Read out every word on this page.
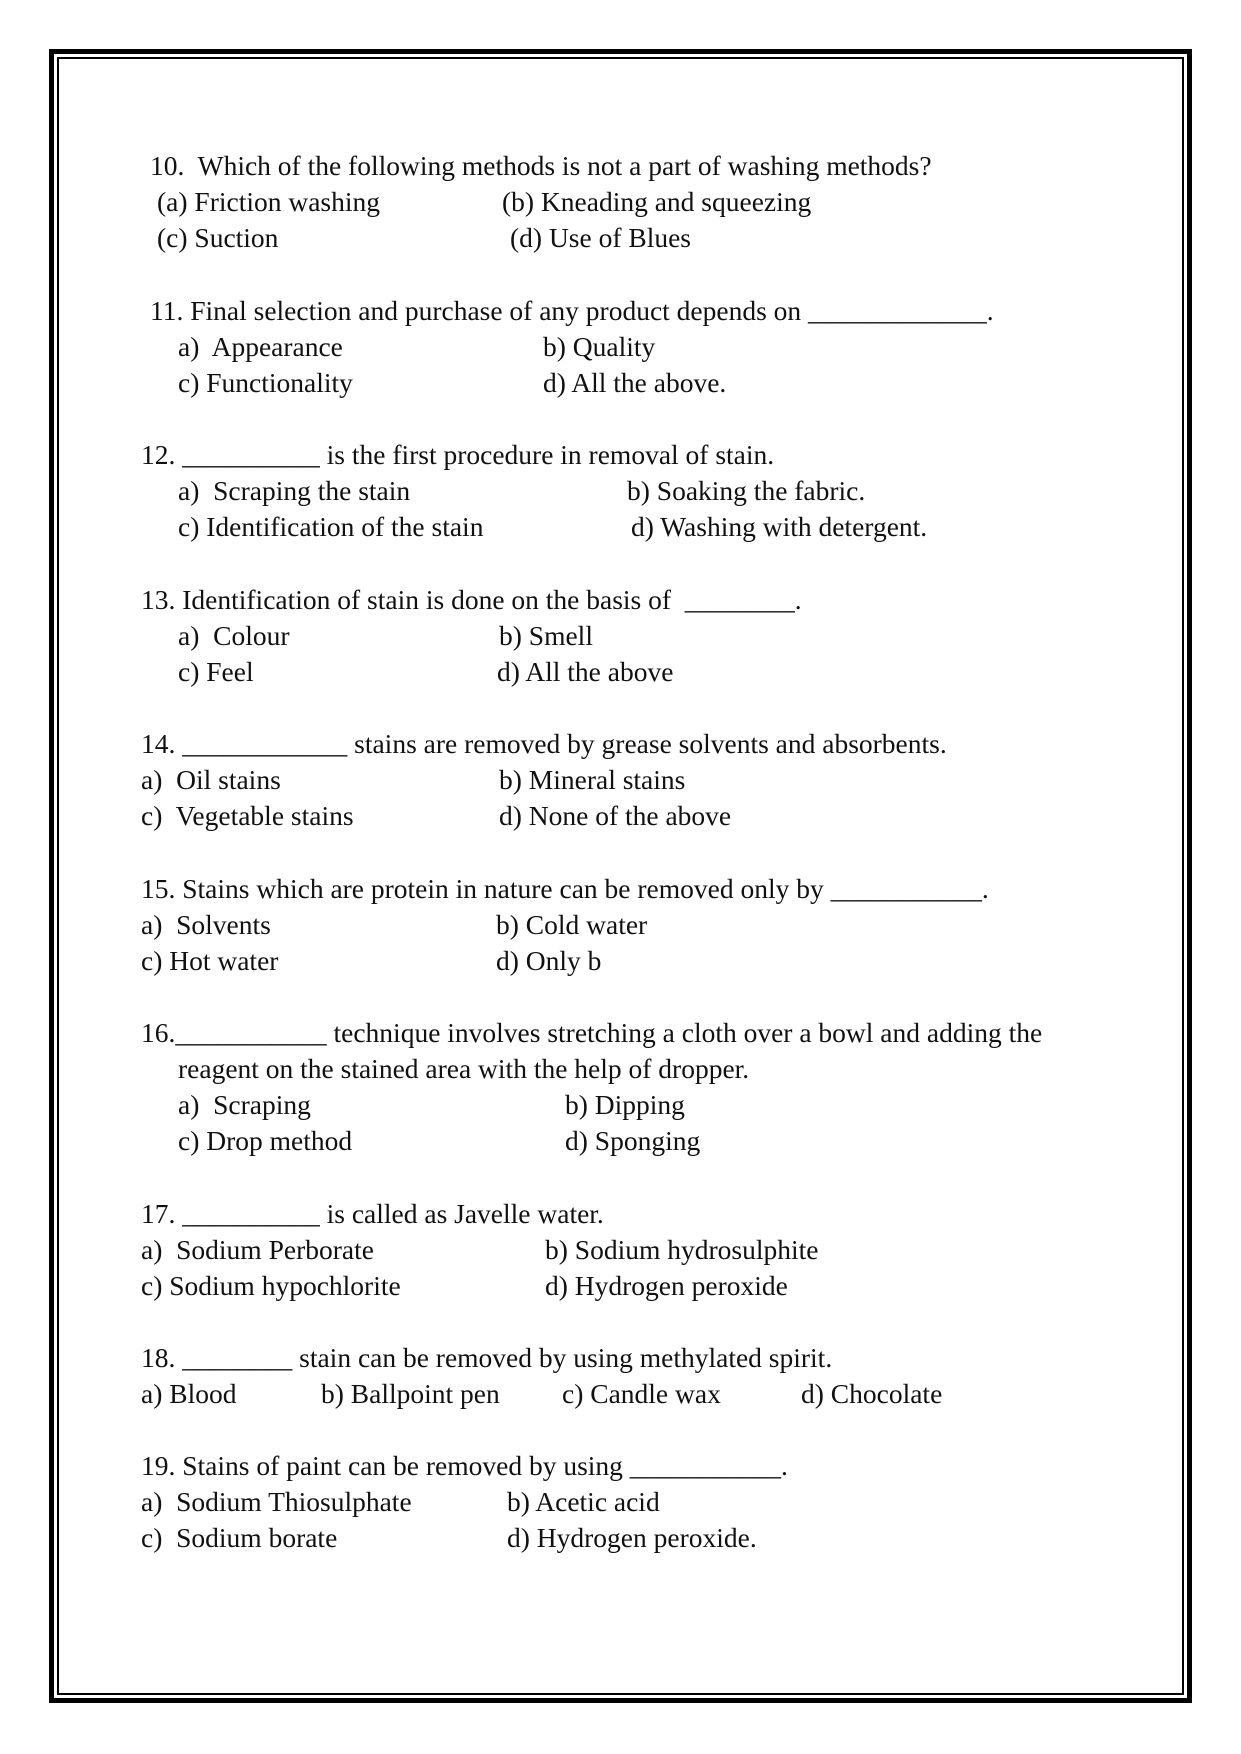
10.  Which of the following methods is not a part of washing methods?
(a) Friction washing	(b) Kneading and squeezing
(c) Suction	(d) Use of Blues
11. Final selection and purchase of any product depends on _____________.
a)  Appearance	b) Quality
c) Functionality	d) All the above.
12. __________ is the first procedure in removal of stain.
a)  Scraping the stain	b) Soaking the fabric.
c) Identification of the stain	d) Washing with detergent.
13. Identification of stain is done on the basis of  ________.
a)  Colour	b) Smell
c) Feel	d) All the above
14. ____________ stains are removed by grease solvents and absorbents.
a)  Oil stains	b) Mineral stains
c)  Vegetable stains	d) None of the above
15. Stains which are protein in nature can be removed only by ___________.
a)  Solvents	b) Cold water
c) Hot water	d) Only b
16.___________ technique involves stretching a cloth over a bowl and adding the
reagent on the stained area with the help of dropper.
a)  Scraping	b) Dipping
c) Drop method	d) Sponging
17. __________ is called as Javelle water.
a)  Sodium Perborate	b) Sodium hydrosulphite
c) Sodium hypochlorite	d) Hydrogen peroxide
18. ________ stain can be removed by using methylated spirit.
a) Blood	b) Ballpoint pen c) Candle wax	d) Chocolate
19. Stains of paint can be removed by using ___________.
a)  Sodium Thiosulphate	b) Acetic acid
c)  Sodium borate	d) Hydrogen peroxide.
